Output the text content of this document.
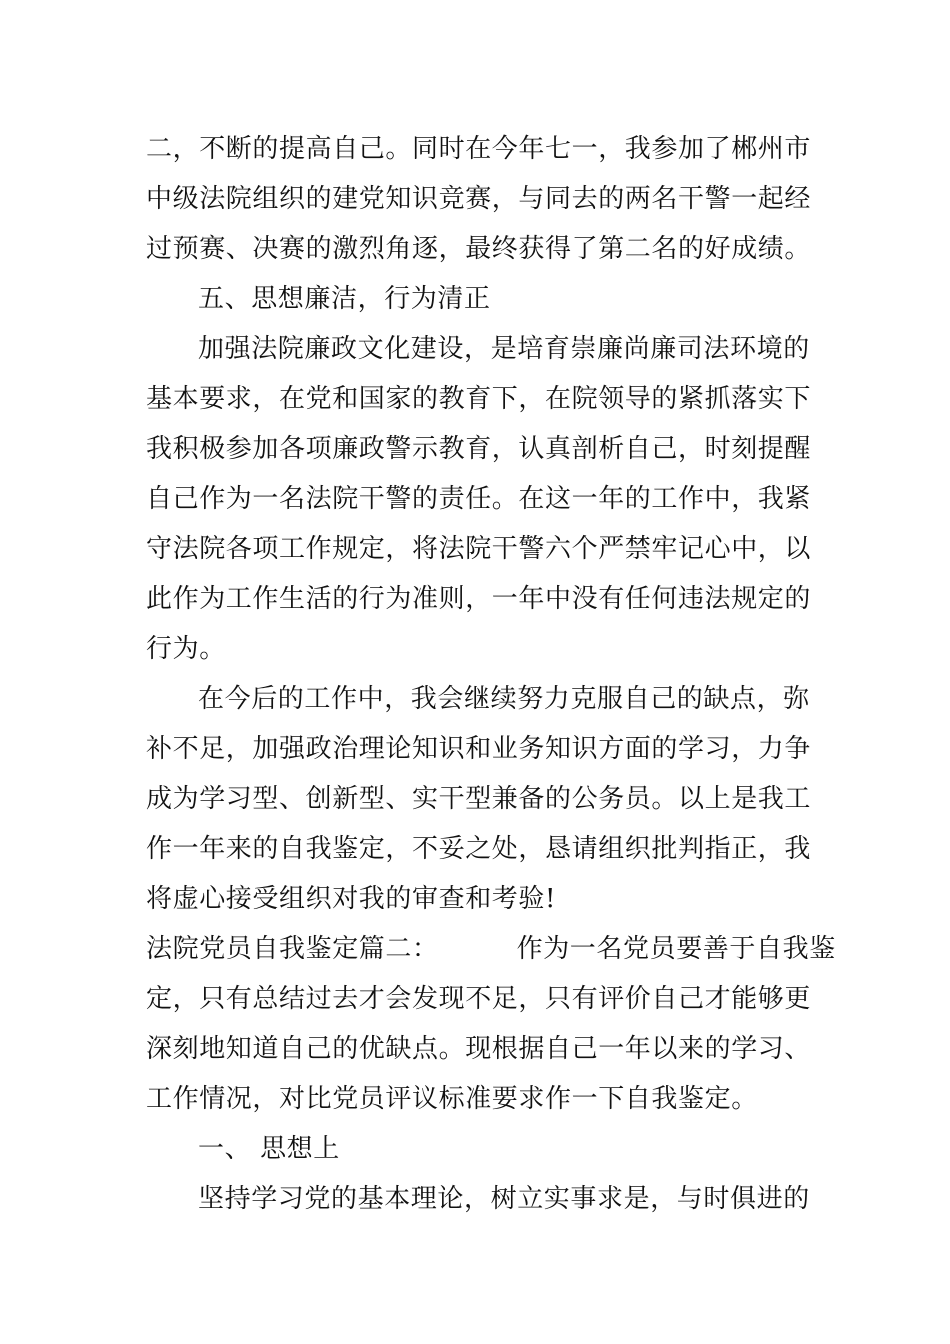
二，不断的提高自己。同时在今年七一，我参加了郴州市
中级法院组织的建党知识竞赛，与同去的两名干警一起经
过预赛、决赛的激烈角逐，最终获得了第二名的好成绩。
五、思想廉洁，行为清正
加强法院廉政文化建设，是培育崇廉尚廉司法环境的
基本要求，在党和国家的教育下，在院领导的紧抓落实下
我积极参加各项廉政警示教育，认真剖析自己，时刻提醒
自己作为一名法院干警的责任。在这一年的工作中，我紧
守法院各项工作规定，将法院干警六个严禁牢记心中，以
此作为工作生活的行为准则，一年中没有任何违法规定的
行为。
在今后的工作中，我会继续努力克服自己的缺点，弥
补不足，加强政治理论知识和业务知识方面的学习，力争
成为学习型、创新型、实干型兼备的公务员。以上是我工
作一年来的自我鉴定，不妥之处，恳请组织批判指正，我
将虚心接受组织对我的审查和考验!
法院党员自我鉴定篇二：	作为一名党员要善于自我鉴
定，只有总结过去才会发现不足，只有评价自己才能够更
深刻地知道自己的优缺点。现根据自己一年以来的学习、
工作情况，对比党员评议标准要求作一下自我鉴定。
一、 思想上
坚持学习党的基本理论，树立实事求是，与时俱进的
